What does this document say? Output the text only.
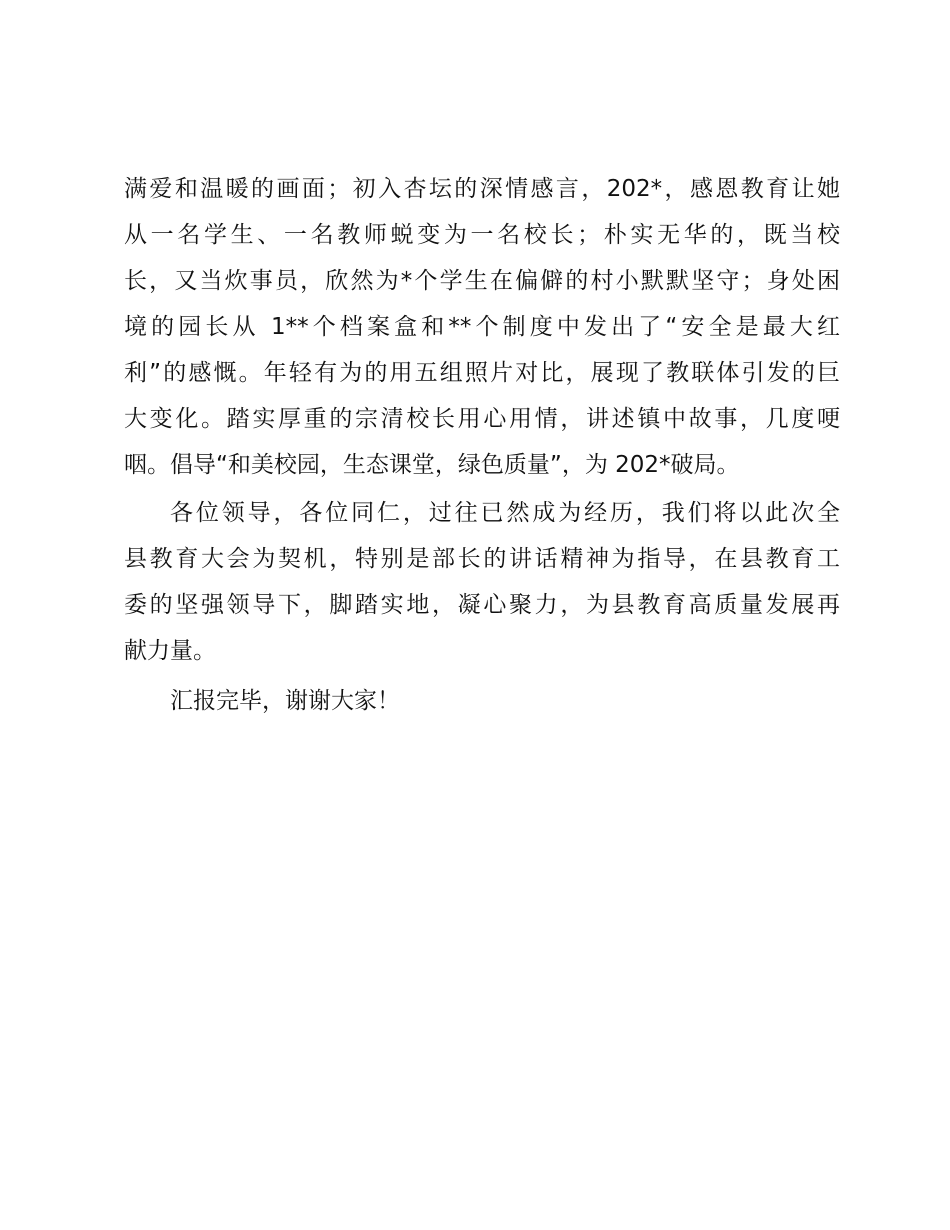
满爱和温暖的画面；初入杏坛的深情感言，202*，感恩教育让她
从一名学生、一名教师蜕变为一名校长；朴实无华的，既当校
长，又当炊事员，欣然为*个学生在偏僻的村小默默坚守；身处困
境的园长从 1**个档案盒和**个制度中发出了“安全是最大红
利”的感慨。年轻有为的用五组照片对比，展现了教联体引发的巨
大变化。踏实厚重的宗清校长用心用情，讲述镇中故事，几度哽
咽。倡导“和美校园，生态课堂，绿色质量”，为 202*破局。
各位领导，各位同仁，过往已然成为经历，我们将以此次全
县教育大会为契机，特别是部长的讲话精神为指导，在县教育工
委的坚强领导下，脚踏实地，凝心聚力，为县教育高质量发展再
献力量。
汇报完毕，谢谢大家！
